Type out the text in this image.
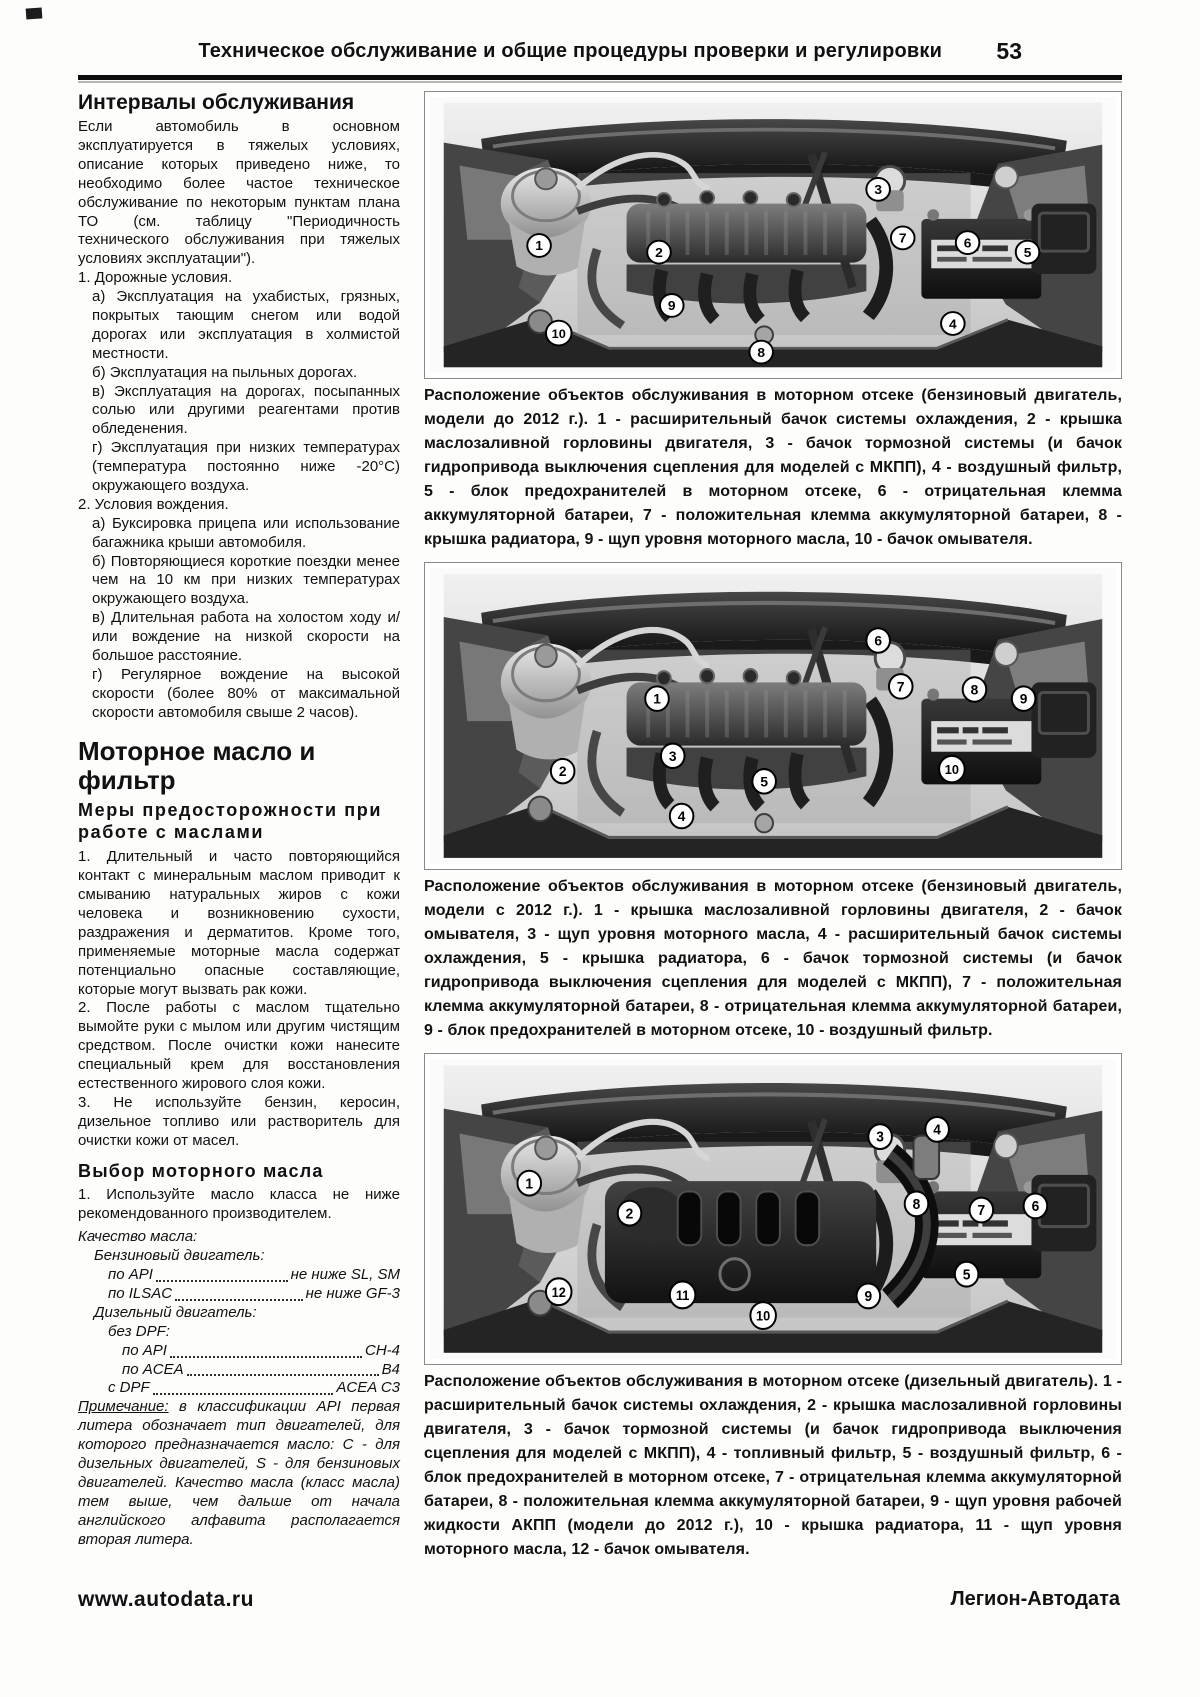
Техническое обслуживание и общие процедуры проверки и регулировки 53
Интервалы обслуживания

Если автомобиль в основном эксплуатируется в тяжелых условиях, описание которых приведено ниже, то необходимо более частое техническое обслуживание по некоторым пунктам плана ТО (см. таблицу "Периодичность технического обслуживания при тяжелых условиях эксплуатации").

1. Дорожные условия.

а) Эксплуатация на ухабистых, грязных, покрытых тающим снегом или водой дорогах или эксплуатация в холмистой местности.

б) Эксплуатация на пыльных дорогах.

в) Эксплуатация на дорогах, посыпанных солью или другими реагентами против обледенения.

г) Эксплуатация при низких температурах (температура постоянно ниже -20°С) окружающего воздуха.

2. Условия вождения.

а) Буксировка прицепа или использование багажника крыши автомобиля.

б) Повторяющиеся короткие поездки менее чем на 10 км при низких температурах окружающего воздуха.

в) Длительная работа на холостом ходу и/или вождение на низкой скорости на большое расстояние.

г) Регулярное вождение на высокой скорости (более 80% от максимальной скорости автомобиля свыше 2 часов).

Моторное масло и фильтр
Меры предосторожности при работе с маслами

1. Длительный и часто повторяющийся контакт с минеральным маслом приводит к смыванию натуральных жиров с кожи человека и возникновению сухости, раздражения и дерматитов. Кроме того, применяемые моторные масла содержат потенциально опасные составляющие, которые могут вызвать рак кожи.

2. После работы с маслом тщательно вымойте руки с мылом или другим чистящим средством. После очистки кожи нанесите специальный крем для восстановления естественного жирового слоя кожи.

3. Не используйте бензин, керосин, дизельное топливо или растворитель для очистки кожи от масел.

Выбор моторного масла

1. Используйте масло класса не ниже рекомендованного производителем.

Качество масла:

Бензиновый двигатель:

по API	не ниже SL, SM
по ILSAC	не ниже GF-3

Дизельный двигатель:

без DPF:

по API	CH-4
по ACEA	B4
с DPF	ACEA C3

Примечание: в классификации API первая литера обозначает тип двигателей, для которого предназначается масло: С - для дизельных двигателей, S - для бензиновых двигателей. Качество масла (класс масла) тем выше, чем дальше от начала английского алфавита располагается вторая литера.

1	2
3
4
5
6
7
8
9
10

Расположение объектов обслуживания в моторном отсеке (бензиновый двигатель, модели до 2012 г.). 1 - расширительный бачок системы охлаждения, 2 - крышка маслозаливной горловины двигателя, 3 - бачок тормозной системы (и бачок гидропривода выключения сцепления для моделей с МКПП), 4 - воздушный фильтр, 5 - блок предохранителей в моторном отсеке, 6 - отрицательная клемма аккумуляторной батареи, 7 - положительная клемма аккумуляторной батареи, 8 - крышка радиатора, 9 - щуп уровня моторного масла, 10 - бачок омывателя.

1
2
3
4
5
6
7	8
9
10

Расположение объектов обслуживания в моторном отсеке (бензиновый двигатель, модели с 2012 г.). 1 - крышка маслозаливной горловины двигателя, 2 - бачок омывателя, 3 - щуп уровня моторного масла, 4 - расширительный бачок системы охлаждения, 5 - крышка радиатора, 6 - бачок тормозной системы (и бачок гидропривода выключения сцепления для моделей с МКПП), 7 - положительная клемма аккумуляторной батареи, 8 - отрицательная клемма аккумуляторной батареи, 9 - блок предохранителей в моторном отсеке, 10 - воздушный фильтр.

1
2
3	4
5
6
7
8
9
10
11
12

Расположение объектов обслуживания в моторном отсеке (дизельный двигатель). 1 - расширительный бачок системы охлаждения, 2 - крышка маслозаливной горловины двигателя, 3 - бачок тормозной системы (и бачок гидропривода выключения сцепления для моделей с МКПП), 4 - топливный фильтр, 5 - воздушный фильтр, 6 - блок предохранителей в моторном отсеке, 7 - отрицательная клемма аккумуляторной батареи, 8 - положительная клемма аккумуляторной батареи, 9 - щуп уровня рабочей жидкости АКПП (модели до 2012 г.), 10 - крышка радиатора, 11 - щуп уровня моторного масла, 12 - бачок омывателя.

www.autodata.ru	Легион-Автодата
